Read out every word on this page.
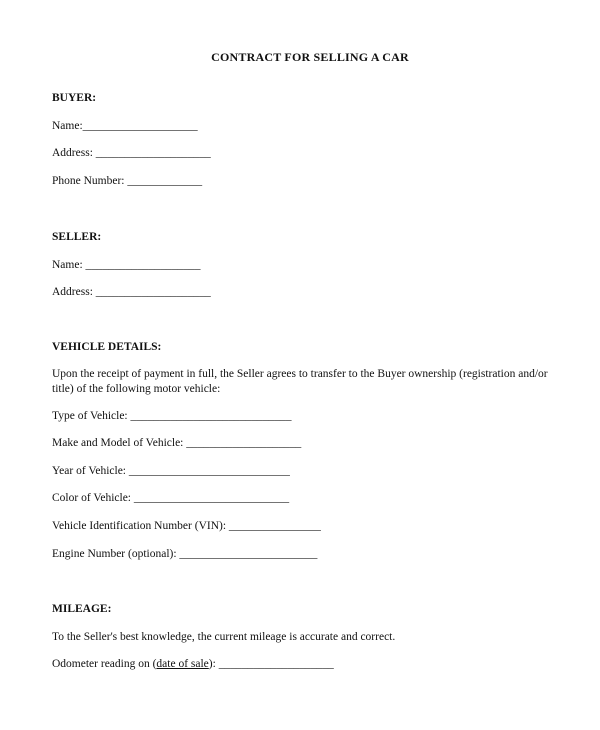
CONTRACT FOR SELLING A CAR
BUYER:
Name:____________________
Address: ____________________
Phone Number: _____________
SELLER:
Name: ____________________
Address: ____________________
VEHICLE DETAILS:
Upon the receipt of payment in full, the Seller agrees to transfer to the Buyer ownership (registration and/or title) of the following motor vehicle:
Type of Vehicle: ____________________________
Make and Model of Vehicle: ____________________
Year of Vehicle: ____________________________
Color of Vehicle: ___________________________
Vehicle Identification Number (VIN): ________________
Engine Number (optional): ________________________
MILEAGE:
To the Seller's best knowledge, the current mileage is accurate and correct.
Odometer reading on (date of sale): ____________________
